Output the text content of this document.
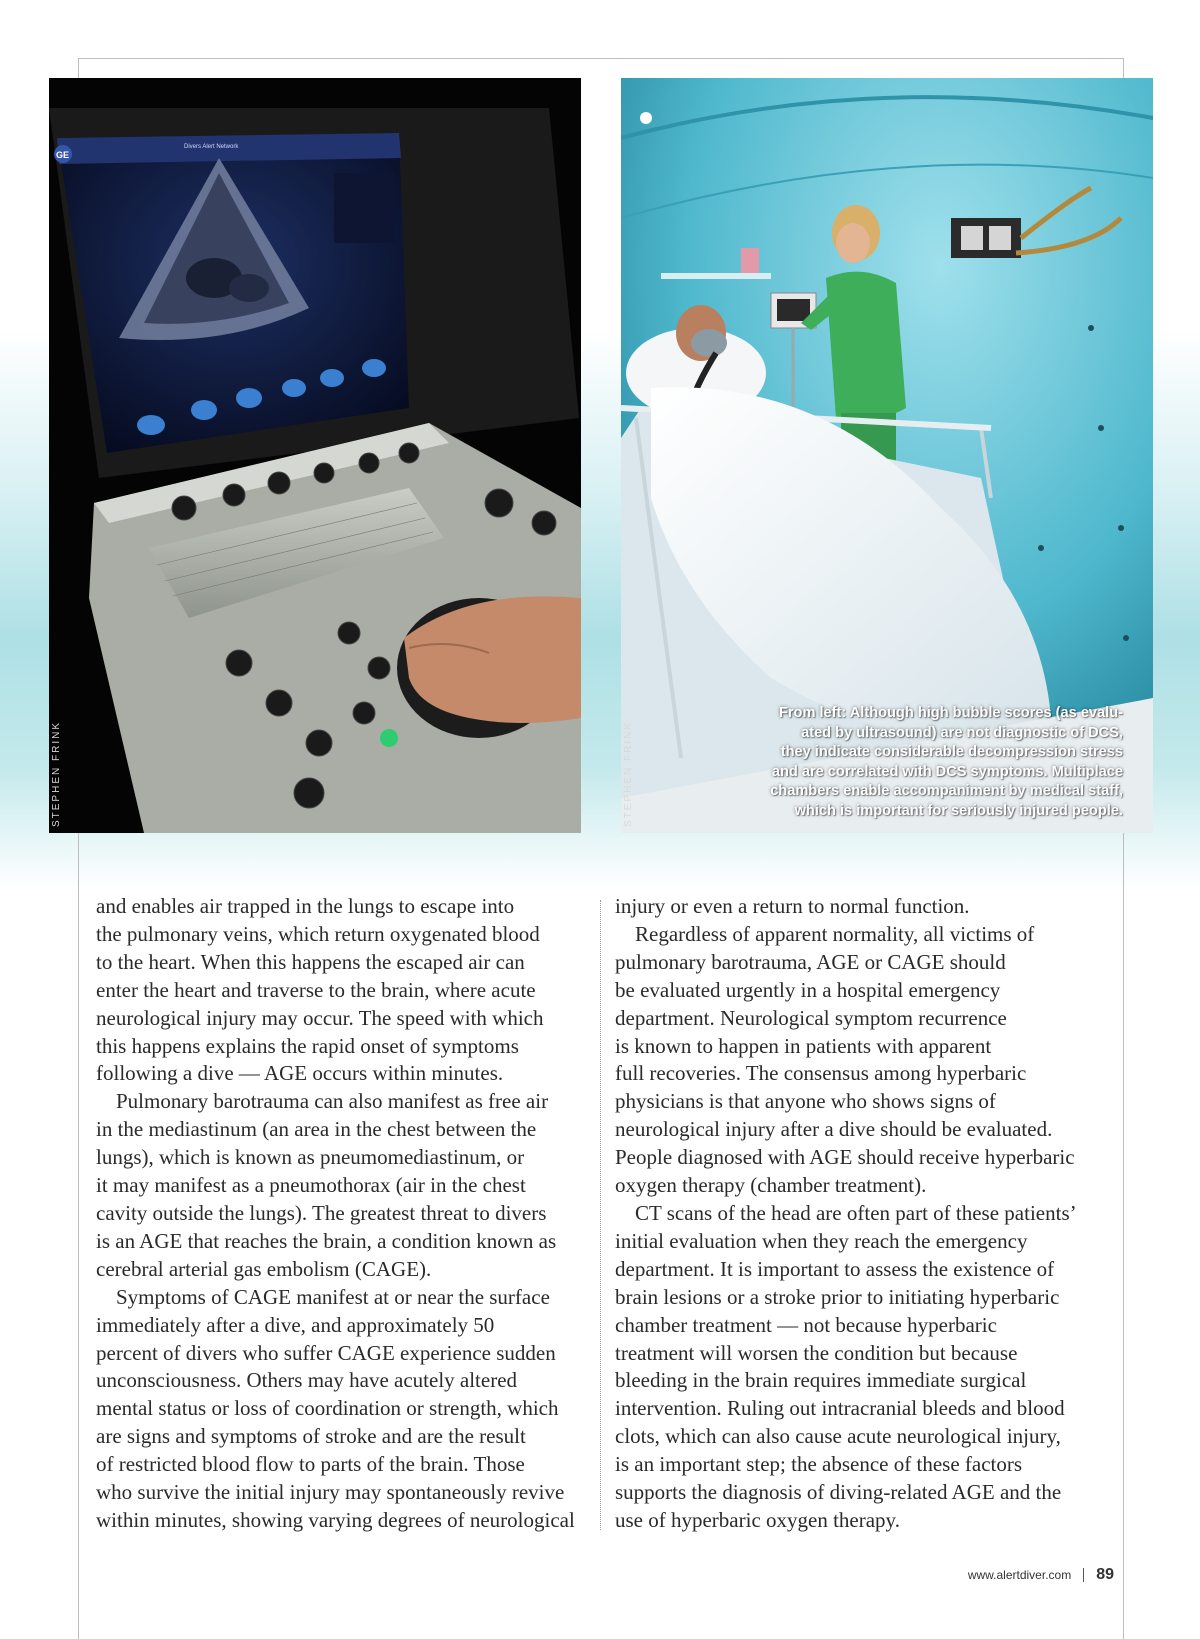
GE
Divers Alert Network
STEPHEN FRINK	STEPHEN FRINK
From left: Although high bubble scores (as evalu-
ated by ultrasound) are not diagnostic of DCS,
they indicate considerable decompression stress
and are correlated with DCS symptoms. Multiplace
chambers enable accompaniment by medical staff,
which is important for seriously injured people.

and enables air trapped in the lungs to escape into
the pulmonary veins, which return oxygenated blood
to the heart. When this happens the escaped air can
enter the heart and traverse to the brain, where acute
neurological injury may occur. The speed with which
this happens explains the rapid onset of symptoms
following a dive — AGE occurs within minutes.

Pulmonary barotrauma can also manifest as free air
in the mediastinum (an area in the chest between the
lungs), which is known as pneumomediastinum, or
it may manifest as a pneumothorax (air in the chest
cavity outside the lungs). The greatest threat to divers
is an AGE that reaches the brain, a condition known as
cerebral arterial gas embolism (CAGE).

Symptoms of CAGE manifest at or near the surface
immediately after a dive, and approximately 50
percent of divers who suffer CAGE experience sudden
unconsciousness. Others may have acutely altered
mental status or loss of coordination or strength, which
are signs and symptoms of stroke and are the result
of restricted blood flow to parts of the brain. Those
who survive the initial injury may spontaneously revive
within minutes, showing varying degrees of neurological

injury or even a return to normal function.

Regardless of apparent normality, all victims of
pulmonary barotrauma, AGE or CAGE should
be evaluated urgently in a hospital emergency
department. Neurological symptom recurrence
is known to happen in patients with apparent
full recoveries. The consensus among hyperbaric
physicians is that anyone who shows signs of
neurological injury after a dive should be evaluated.
People diagnosed with AGE should receive hyperbaric
oxygen therapy (chamber treatment).

CT scans of the head are often part of these patients’
initial evaluation when they reach the emergency
department. It is important to assess the existence of
brain lesions or a stroke prior to initiating hyperbaric
chamber treatment — not because hyperbaric
treatment will worsen the condition but because
bleeding in the brain requires immediate surgical
intervention. Ruling out intracranial bleeds and blood
clots, which can also cause acute neurological injury,
is an important step; the absence of these factors
supports the diagnosis of diving-related AGE and the
use of hyperbaric oxygen therapy.

www.alertdiver.com 89
